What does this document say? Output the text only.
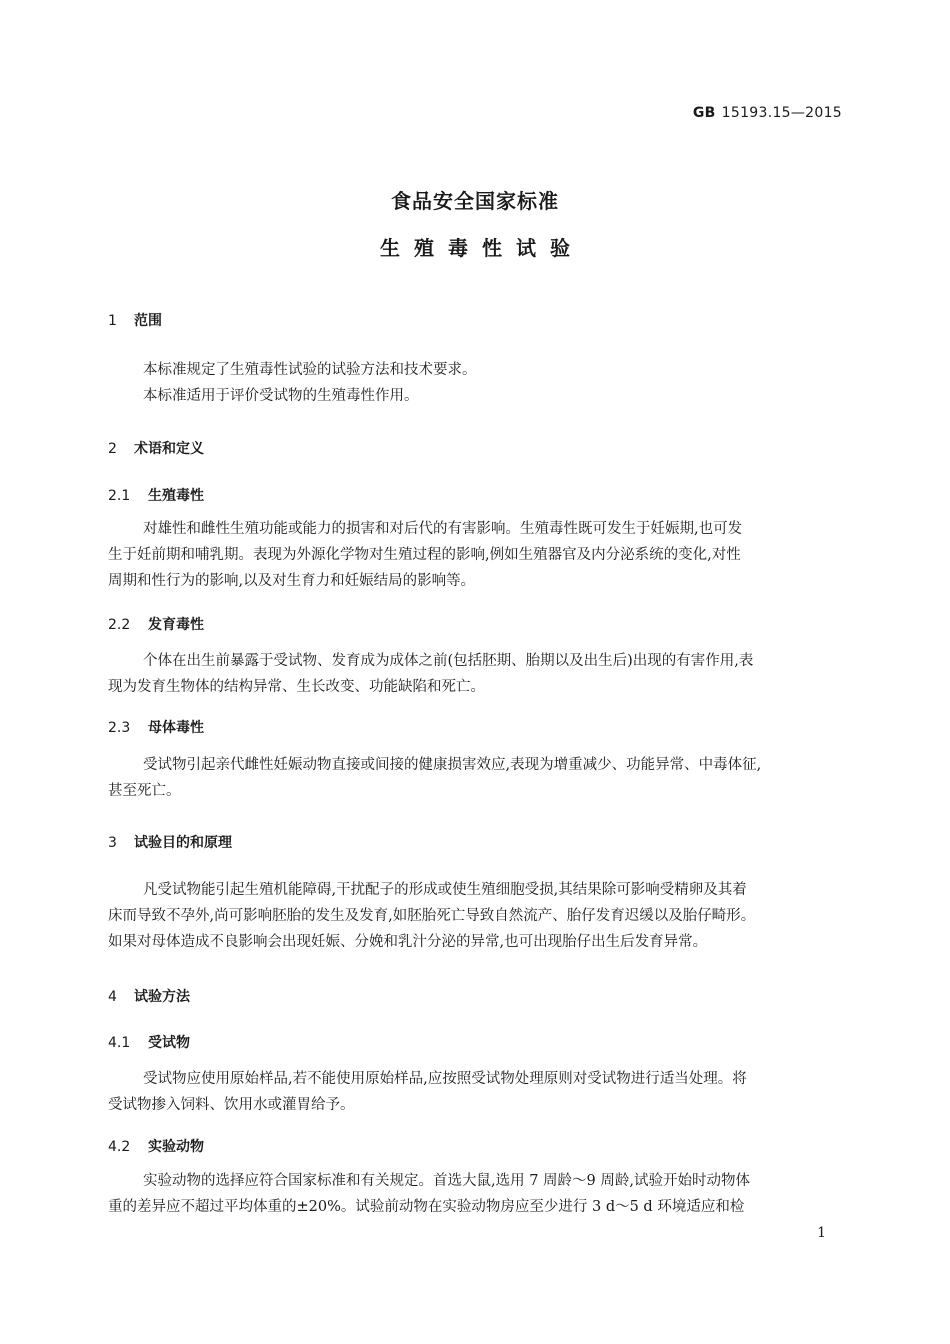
GB 15193.15—2015
食品安全国家标准
生殖毒性试验
1 范围
本标准规定了生殖毒性试验的试验方法和技术要求。
本标准适用于评价受试物的生殖毒性作用。
2 术语和定义
2.1 生殖毒性
对雄性和雌性生殖功能或能力的损害和对后代的有害影响。生殖毒性既可发生于妊娠期,也可发
生于妊前期和哺乳期。表现为外源化学物对生殖过程的影响,例如生殖器官及内分泌系统的变化,对性
周期和性行为的影响,以及对生育力和妊娠结局的影响等。
2.2 发育毒性
个体在出生前暴露于受试物、发育成为成体之前(包括胚期、胎期以及出生后)出现的有害作用,表
现为发育生物体的结构异常、生长改变、功能缺陷和死亡。
2.3 母体毒性
受试物引起亲代雌性妊娠动物直接或间接的健康损害效应,表现为增重减少、功能异常、中毒体征,
甚至死亡。
3 试验目的和原理
凡受试物能引起生殖机能障碍,干扰配子的形成或使生殖细胞受损,其结果除可影响受精卵及其着
床而导致不孕外,尚可影响胚胎的发生及发育,如胚胎死亡导致自然流产、胎仔发育迟缓以及胎仔畸形。
如果对母体造成不良影响会出现妊娠、分娩和乳汁分泌的异常,也可出现胎仔出生后发育异常。
4 试验方法
4.1 受试物
受试物应使用原始样品,若不能使用原始样品,应按照受试物处理原则对受试物进行适当处理。将
受试物掺入饲料、饮用水或灌胃给予。
4.2 实验动物
实验动物的选择应符合国家标准和有关规定。首选大鼠,选用 7 周龄～9 周龄,试验开始时动物体
重的差异应不超过平均体重的±20%。试验前动物在实验动物房应至少进行 3 d～5 d 环境适应和检
1
